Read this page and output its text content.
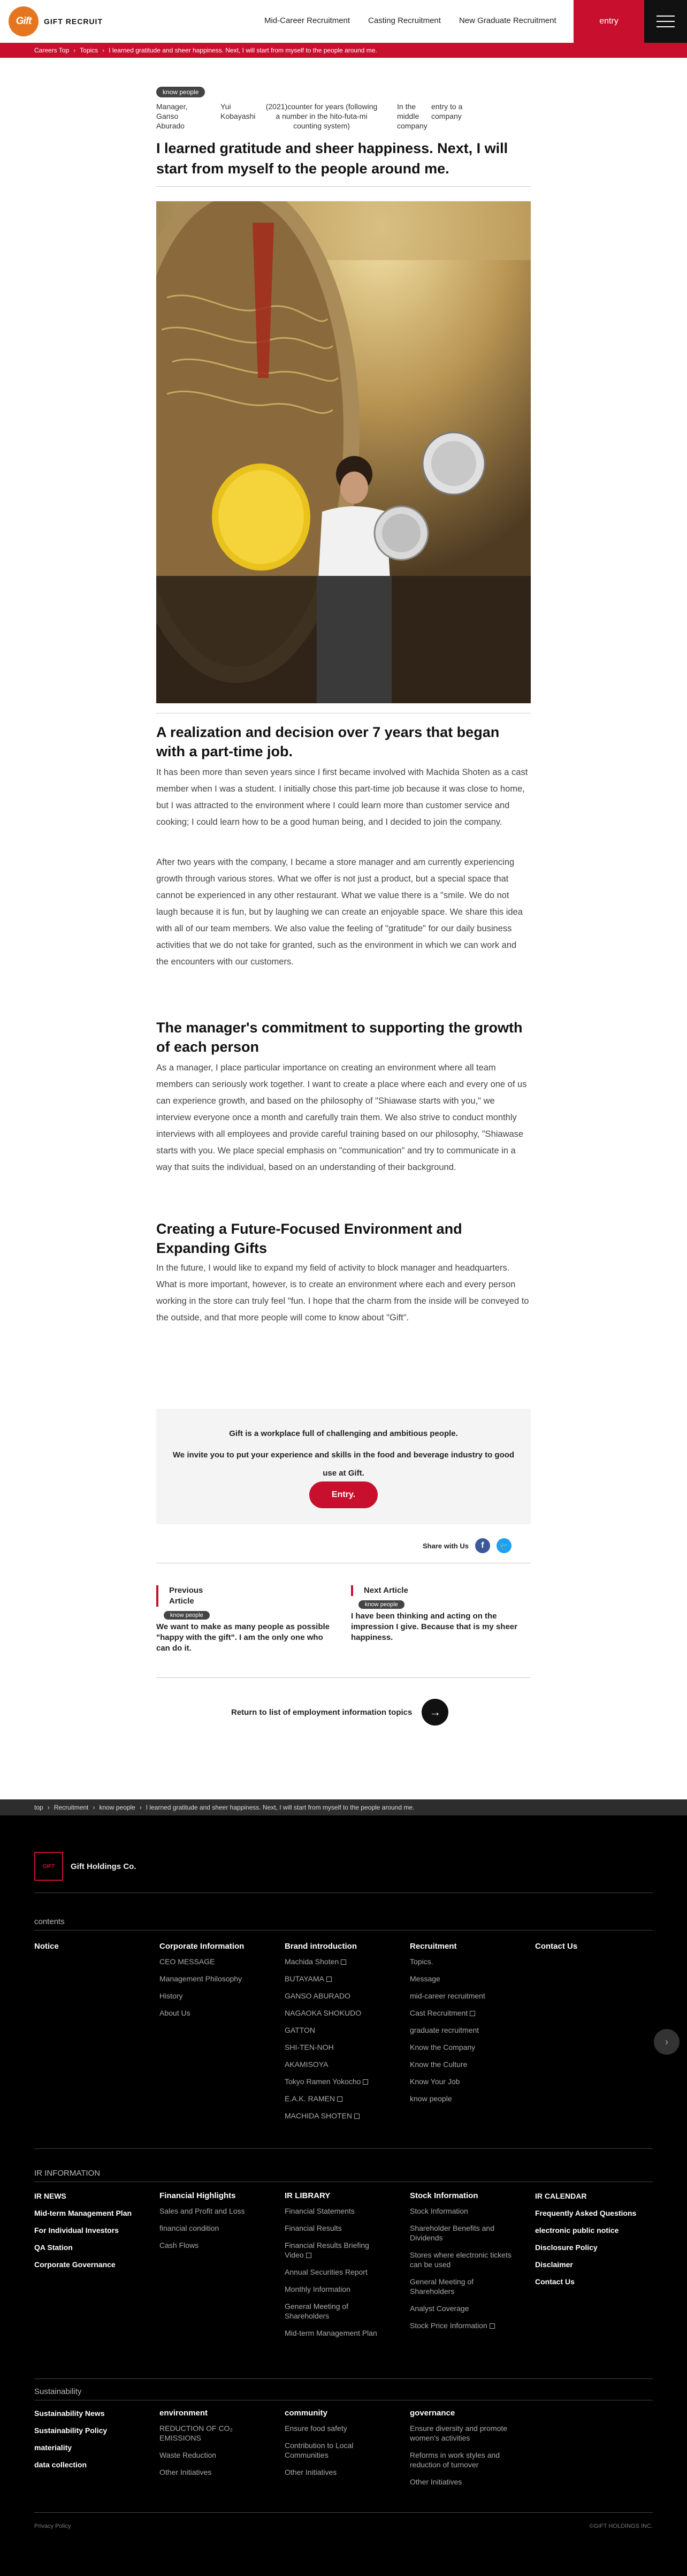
Gift	GIFT RECRUIT	Mid-Career Recruitment Casting Recruitment New Graduate Recruitment	entry
Careers Top › Topics › I learned gratitude and sheer happiness. Next, I will start from myself to the people around me.
know people
Manager, Ganso Aburado
Yui Kobayashi
(2021)counter for years (following a number in the hito-futa-mi counting system)
In the middle company
entry to a company
I learned gratitude and sheer happiness. Next, I will start from myself to the people around me.
A realization and decision over 7 years that began with a part-time job.

It has been more than seven years since I first became involved with Machida Shoten as a cast member when I was a student. I initially chose this part-time job because it was close to home, but I was attracted to the environment where I could learn more than customer service and cooking; I could learn how to be a good human being, and I decided to join the company.

After two years with the company, I became a store manager and am currently experiencing growth through various stores. What we offer is not just a product, but a special space that cannot be experienced in any other restaurant. What we value there is a "smile. We do not laugh because it is fun, but by laughing we can create an enjoyable space. We share this idea with all of our team members. We also value the feeling of "gratitude" for our daily business activities that we do not take for granted, such as the environment in which we can work and the encounters with our customers.

The manager's commitment to supporting the growth of each person

As a manager, I place particular importance on creating an environment where all team members can seriously work together. I want to create a place where each and every one of us can experience growth, and based on the philosophy of "Shiawase starts with you," we interview everyone once a month and carefully train them. We also strive to conduct monthly interviews with all employees and provide careful training based on our philosophy, "Shiawase starts with you. We place special emphasis on "communication" and try to communicate in a way that suits the individual, based on an understanding of their background.

Creating a Future-Focused Environment and Expanding Gifts

In the future, I would like to expand my field of activity to block manager and headquarters. What is more important, however, is to create an environment where each and every person working in the store can truly feel "fun. I hope that the charm from the inside will be conveyed to the outside, and that more people will come to know about "Gift".

Gift is a workplace full of challenging and ambitious people.
We invite you to put your experience and skills in the food and beverage industry to good use at Gift.
Entry.
Share with Us	f	🐦
Previous Article
know people
We want to make as many people as possible "happy with the gift". I am the only one who can do it.
Next Article
know people
I have been thinking and acting on the impression I give. Because that is my sheer happiness.
Return to list of employment information topics	→
top › Recruitment › know people › I learned gratitude and sheer happiness. Next, I will start from myself to the people around me.
GIFT	Gift Holdings Co.
contents
Notice	Corporate Information
CEO MESSAGE
Management Philosophy
History
About Us
Brand introduction
Machida Shoten
BUTAYAMA
GANSO ABURADO
NAGAOKA SHOKUDO
GATTON
SHI-TEN-NOH
AKAMISOYA
Tokyo Ramen Yokocho
E.A.K. RAMEN
MACHIDA SHOTEN
Recruitment
Topics.
Message
mid-career recruitment
Cast Recruitment
graduate recruitment
Know the Company
Know the Culture
Know Your Job
know people
Contact Us
IR INFORMATION
IR NEWS
Mid-term Management Plan
For Individual Investors
QA Station
Corporate Governance
Financial Highlights
Sales and Profit and Loss
financial condition
Cash Flows
IR LIBRARY
Financial Statements
Financial Results
Financial Results Briefing Video
Annual Securities Report
Monthly Information
General Meeting of Shareholders
Mid-term Management Plan
Stock Information
Stock Information
Shareholder Benefits and Dividends
Stores where electronic tickets can be used
General Meeting of Shareholders
Analyst Coverage
Stock Price Information
IR CALENDAR
Frequently Asked Questions
electronic public notice
Disclosure Policy
Disclaimer
Contact Us
Sustainability
Sustainability News
Sustainability Policy
materiality
data collection
environment
REDUCTION OF CO₂ EMISSIONS
Waste Reduction
Other Initiatives
community
Ensure food safety
Contribution to Local Communities
Other Initiatives
governance
Ensure diversity and promote women's activities
Reforms in work styles and reduction of turnover
Other Initiatives
Privacy Policy	©GIFT HOLDINGS INC.
›
